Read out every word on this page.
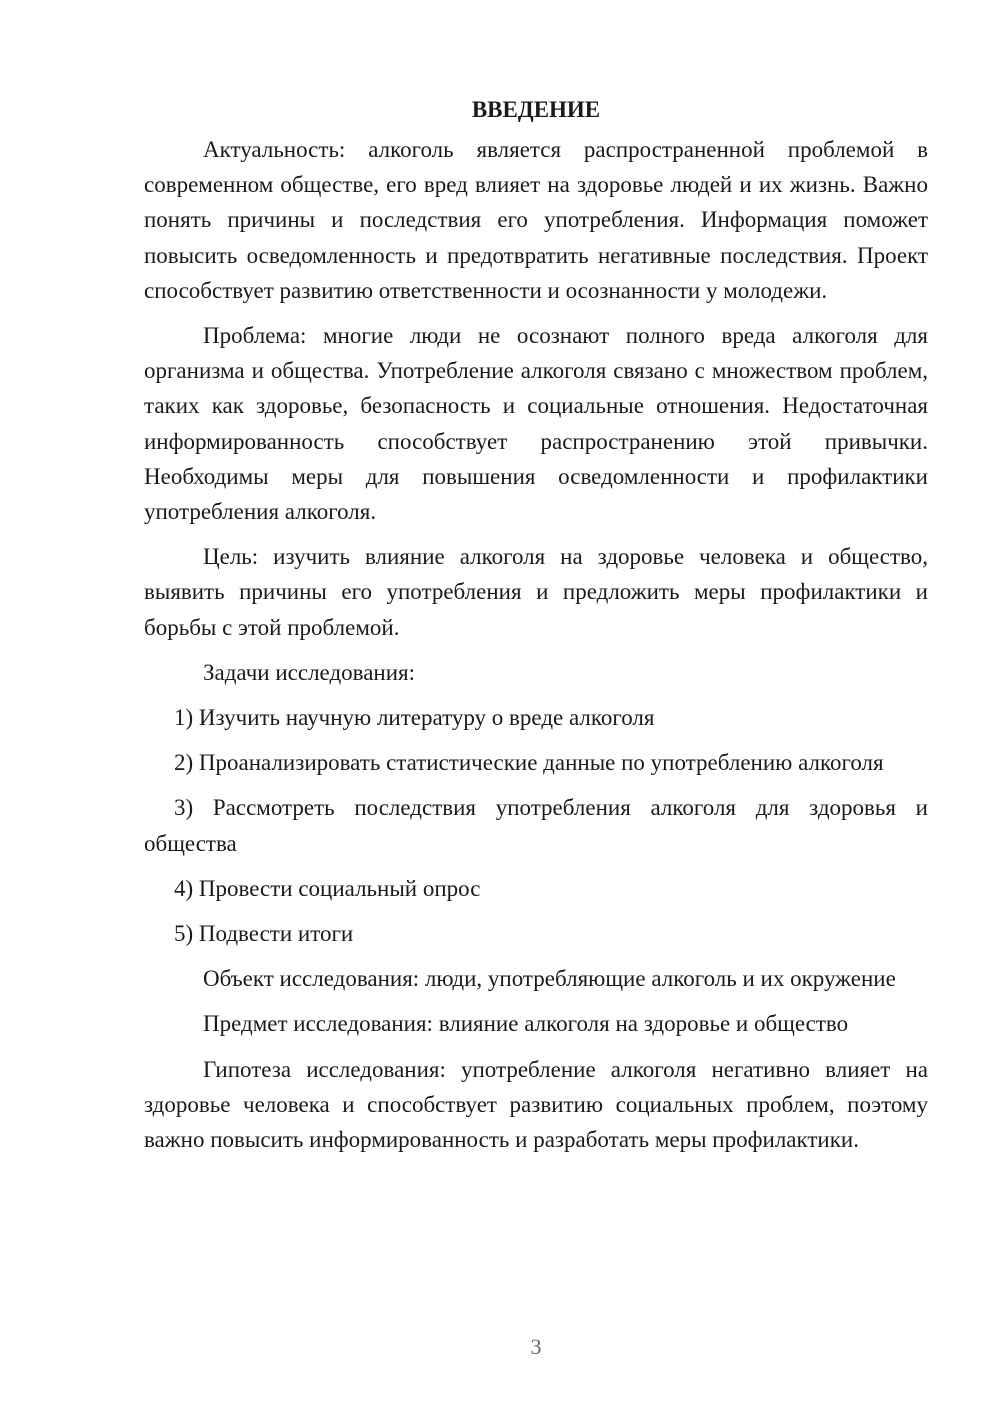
ВВЕДЕНИЕ

Актуальность: алкоголь является распространенной проблемой в современном обществе, его вред влияет на здоровье людей и их жизнь. Важно понять причины и последствия его употребления. Информация поможет повысить осведомленность и предотвратить негативные последствия. Проект способствует развитию ответственности и осознанности у молодежи.

Проблема: многие люди не осознают полного вреда алкоголя для организма и общества. Употребление алкоголя связано с множеством проблем, таких как здоровье, безопасность и социальные отношения. Недостаточная информированность способствует распространению этой привычки. Необходимы меры для повышения осведомленности и профилактики употребления алкоголя.

Цель: изучить влияние алкоголя на здоровье человека и общество, выявить причины его употребления и предложить меры профилактики и борьбы с этой проблемой.

Задачи исследования:

1) Изучить научную литературу о вреде алкоголя

2) Проанализировать статистические данные по употреблению алкоголя

3) Рассмотреть последствия употребления алкоголя для здоровья и общества

4) Провести социальный опрос

5) Подвести итоги

Объект исследования: люди, употребляющие алкоголь и их окружение

Предмет исследования: влияние алкоголя на здоровье и общество

Гипотеза исследования: употребление алкоголя негативно влияет на здоровье человека и способствует развитию социальных проблем, поэтому важно повысить информированность и разработать меры профилактики.

3
